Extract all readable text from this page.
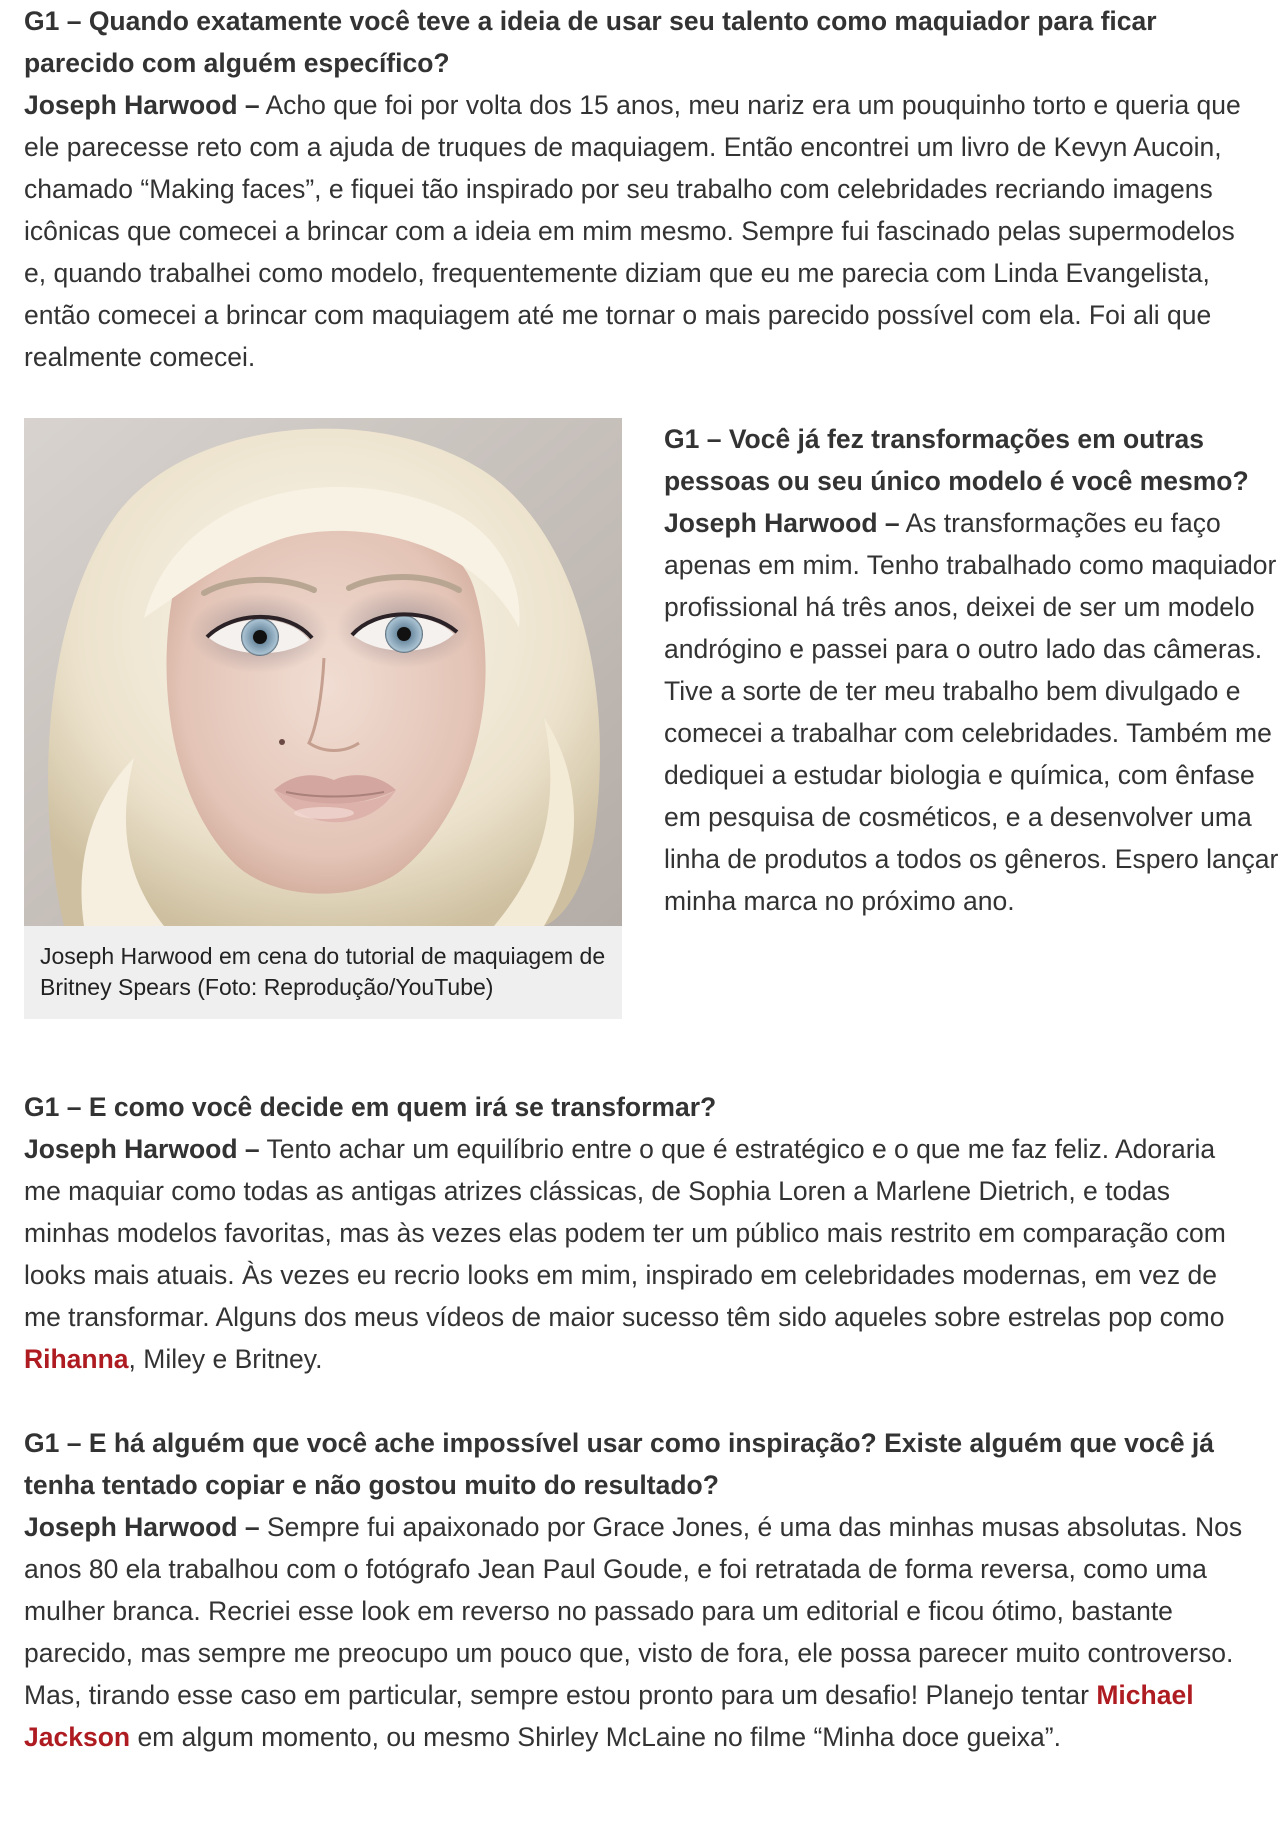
G1 – Quando exatamente você teve a ideia de usar seu talento como maquiador para ficar parecido com alguém específico?
Joseph Harwood – Acho que foi por volta dos 15 anos, meu nariz era um pouquinho torto e queria que ele parecesse reto com a ajuda de truques de maquiagem. Então encontrei um livro de Kevyn Aucoin, chamado “Making faces”, e fiquei tão inspirado por seu trabalho com celebridades recriando imagens icônicas que comecei a brincar com a ideia em mim mesmo. Sempre fui fascinado pelas supermodelos e, quando trabalhei como modelo, frequentemente diziam que eu me parecia com Linda Evangelista, então comecei a brincar com maquiagem até me tornar o mais parecido possível com ela. Foi ali que realmente comecei.
Joseph Harwood em cena do tutorial de maquiagem de Britney Spears (Foto: Reprodução/YouTube)
G1 – Você já fez transformações em outras pessoas ou seu único modelo é você mesmo?
Joseph Harwood – As transformações eu faço apenas em mim. Tenho trabalhado como maquiador profissional há três anos, deixei de ser um modelo andrógino e passei para o outro lado das câmeras. Tive a sorte de ter meu trabalho bem divulgado e comecei a trabalhar com celebridades. Também me dediquei a estudar biologia e química, com ênfase em pesquisa de cosméticos, e a desenvolver uma linha de produtos a todos os gêneros. Espero lançar minha marca no próximo ano.
G1 – E como você decide em quem irá se transformar?
Joseph Harwood – Tento achar um equilíbrio entre o que é estratégico e o que me faz feliz. Adoraria me maquiar como todas as antigas atrizes clássicas, de Sophia Loren a Marlene Dietrich, e todas minhas modelos favoritas, mas às vezes elas podem ter um público mais restrito em comparação com looks mais atuais. Às vezes eu recrio looks em mim, inspirado em celebridades modernas, em vez de me transformar. Alguns dos meus vídeos de maior sucesso têm sido aqueles sobre estrelas pop como Rihanna, Miley e Britney.
G1 – E há alguém que você ache impossível usar como inspiração? Existe alguém que você já tenha tentado copiar e não gostou muito do resultado?
Joseph Harwood – Sempre fui apaixonado por Grace Jones, é uma das minhas musas absolutas. Nos anos 80 ela trabalhou com o fotógrafo Jean Paul Goude, e foi retratada de forma reversa, como uma mulher branca. Recriei esse look em reverso no passado para um editorial e ficou ótimo, bastante parecido, mas sempre me preocupo um pouco que, visto de fora, ele possa parecer muito controverso. Mas, tirando esse caso em particular, sempre estou pronto para um desafio! Planejo tentar Michael Jackson em algum momento, ou mesmo Shirley McLaine no filme “Minha doce gueixa”.
